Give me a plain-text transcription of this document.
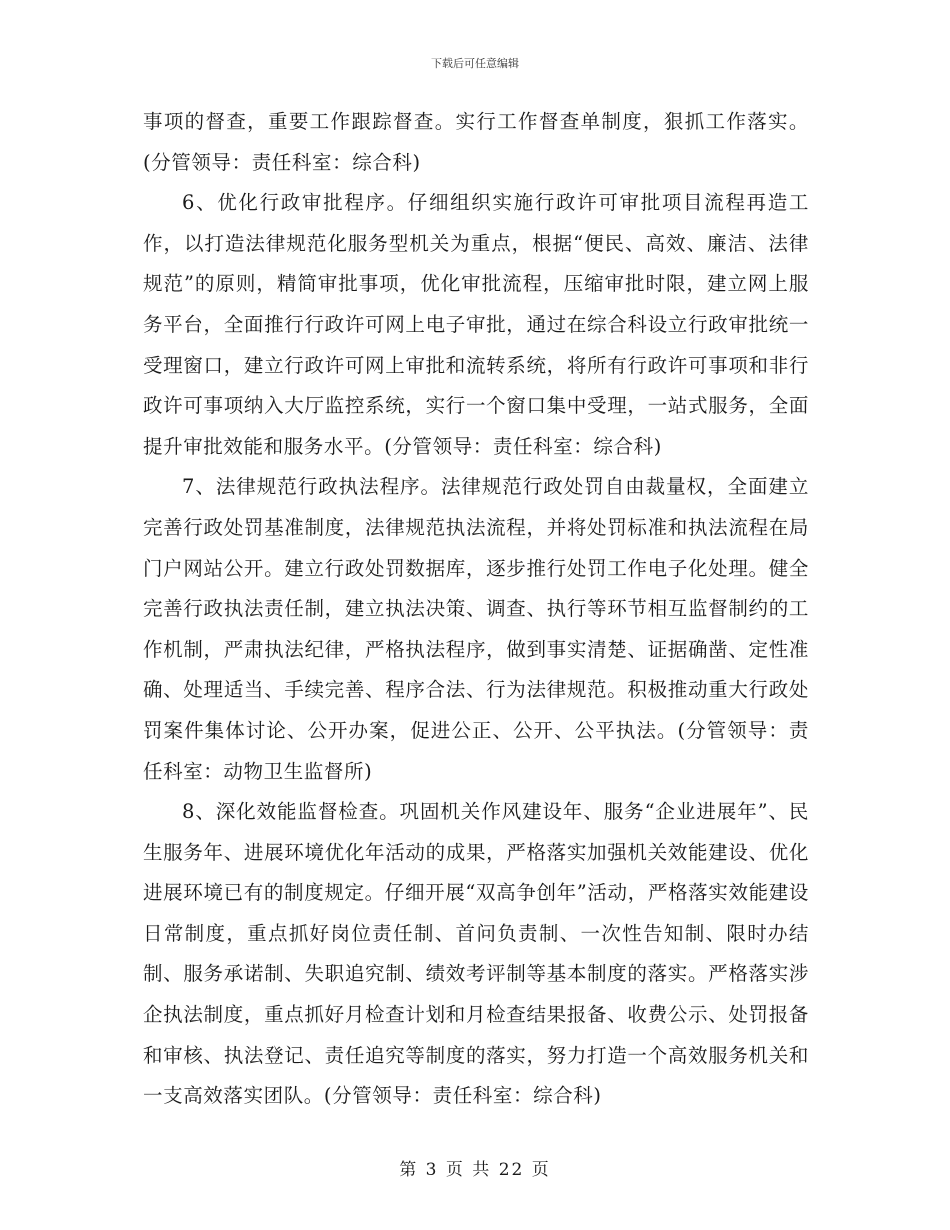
下载后可任意编辑

事项的督查，重要工作跟踪督查。实行工作督查单制度，狠抓工作落实。(分管领导：责任科室：综合科)

6、优化行政审批程序。仔细组织实施行政许可审批项目流程再造工作，以打造法律规范化服务型机关为重点，根据“便民、高效、廉洁、法律规范”的原则，精简审批事项，优化审批流程，压缩审批时限，建立网上服务平台，全面推行行政许可网上电子审批，通过在综合科设立行政审批统一受理窗口，建立行政许可网上审批和流转系统，将所有行政许可事项和非行政许可事项纳入大厅监控系统，实行一个窗口集中受理，一站式服务，全面提升审批效能和服务水平。(分管领导：责任科室：综合科)

7、法律规范行政执法程序。法律规范行政处罚自由裁量权，全面建立完善行政处罚基准制度，法律规范执法流程，并将处罚标准和执法流程在局门户网站公开。建立行政处罚数据库，逐步推行处罚工作电子化处理。健全完善行政执法责任制，建立执法决策、调查、执行等环节相互监督制约的工作机制，严肃执法纪律，严格执法程序，做到事实清楚、证据确凿、定性准确、处理适当、手续完善、程序合法、行为法律规范。积极推动重大行政处罚案件集体讨论、公开办案，促进公正、公开、公平执法。(分管领导：责任科室：动物卫生监督所)

8、深化效能监督检查。巩固机关作风建设年、服务“企业进展年”、民生服务年、进展环境优化年活动的成果，严格落实加强机关效能建设、优化进展环境已有的制度规定。仔细开展“双高争创年”活动，严格落实效能建设日常制度，重点抓好岗位责任制、首问负责制、一次性告知制、限时办结制、服务承诺制、失职追究制、绩效考评制等基本制度的落实。严格落实涉企执法制度，重点抓好月检查计划和月检查结果报备、收费公示、处罚报备和审核、执法登记、责任追究等制度的落实，努力打造一个高效服务机关和一支高效落实团队。(分管领导：责任科室：综合科)

第 3 页 共 22 页
